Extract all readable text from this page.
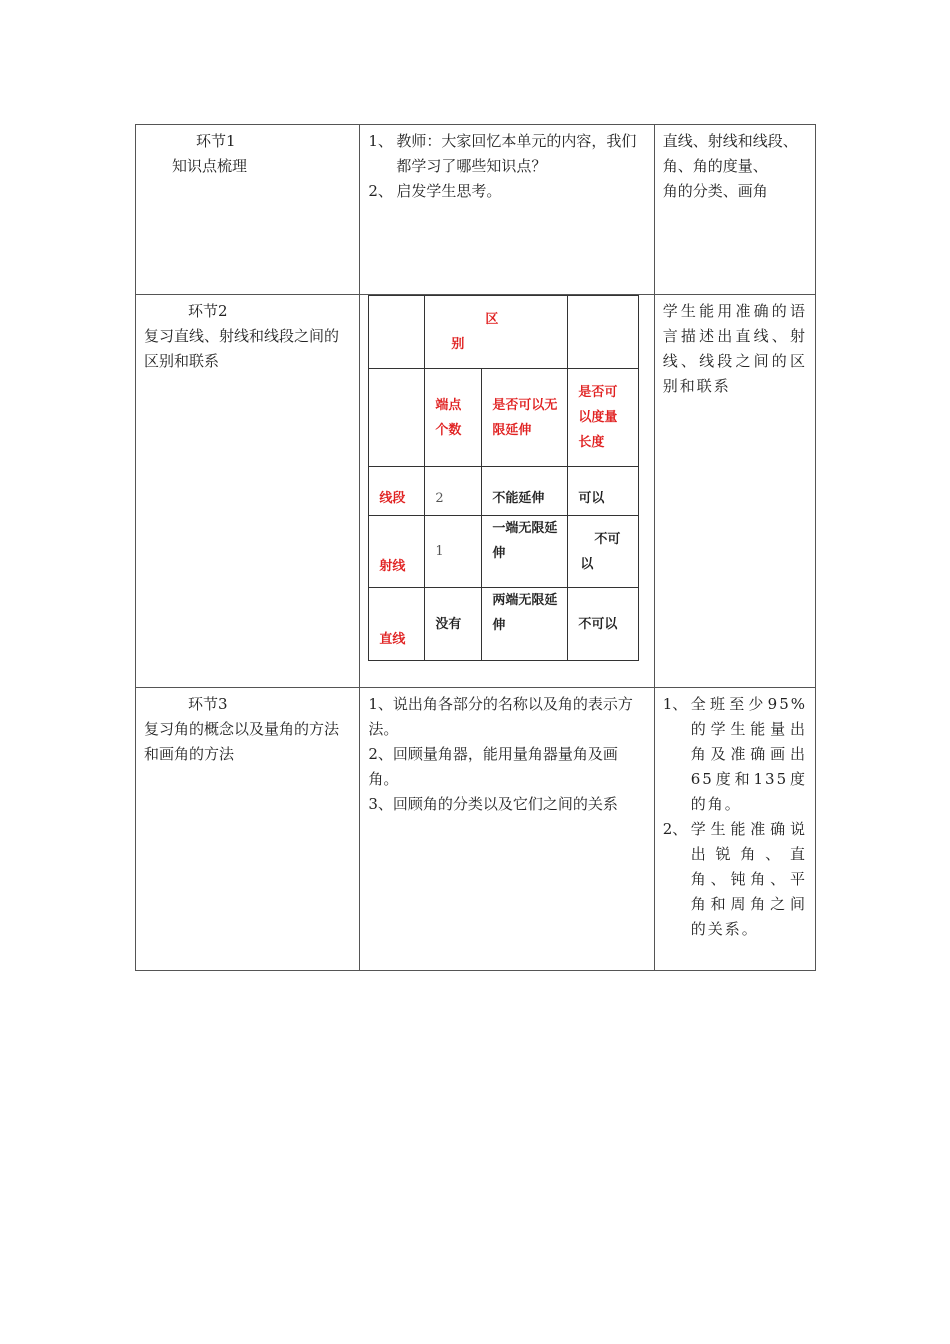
环节1
知识点梳理

1、 教师：大家回忆本单元的内容，我们都学习了哪些知识点？
2、 启发学生思考。

直线、射线和线段、
角、角的度量、
角的分类、画角

环节2
复习直线、射线和线段之间的区别和联系

区
别

	端点个数	是否可以无限延伸	是否可以度量长度
线段	2	不能延伸	可以
射线	1	一端无限延伸	不可以
直线	没有	两端无限延伸	不可以

学生能用准确的语言描述出直线、射线、线段之间的区别和联系

环节3
复习角的概念以及量角的方法和画角的方法

1、说出角各部分的名称以及角的表示方法。
2、回顾量角器，能用量角器量角及画角。
3、回顾角的分类以及它们之间的关系

1、 全班至少95%的学生能量出角及准确画出65度和135度的角。
2、 学生能准确说出锐角、直角、钝角、平角和周角之间的关系。
